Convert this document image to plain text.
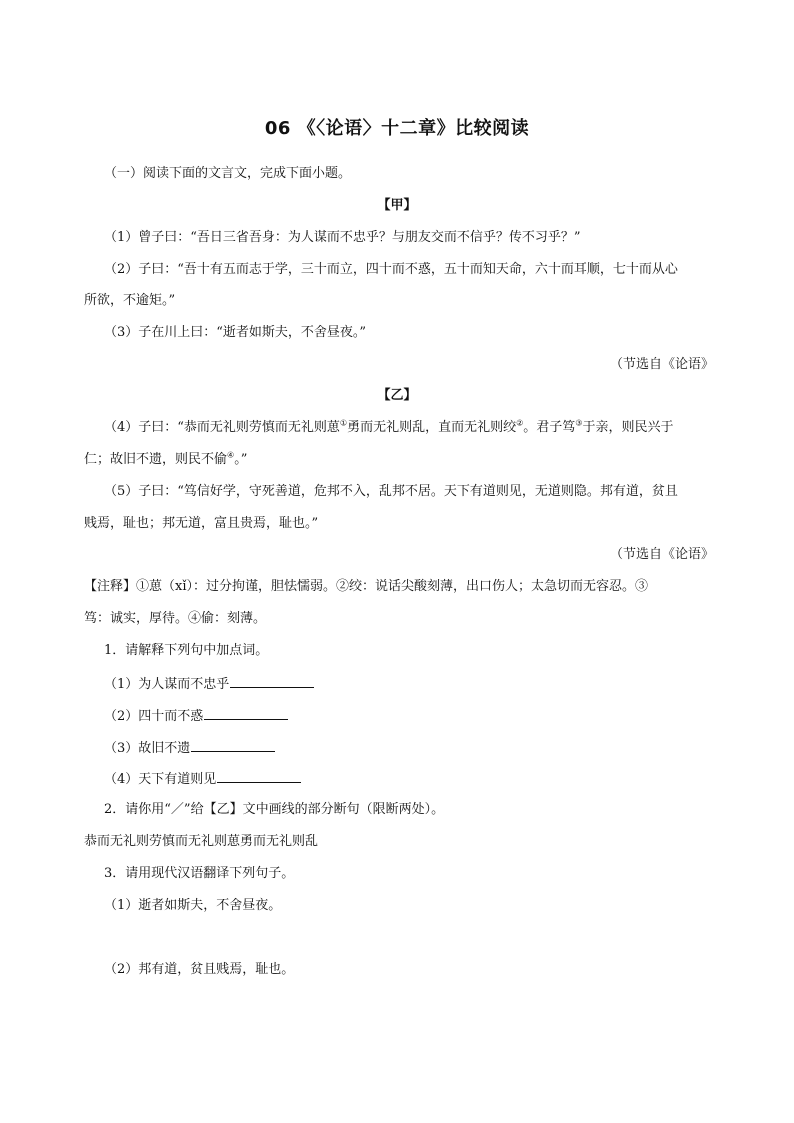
06 《〈论语〉十二章》比较阅读
（一）阅读下面的文言文，完成下面小题。
【甲】
（1）曾子曰：“吾日三省吾身：为人谋而不忠乎？与朋友交而不信乎？传不习乎？”
（2）子曰：“吾十有五而志于学，三十而立，四十而不惑，五十而知天命，六十而耳顺，七十而从心
所欲，不逾矩。”
（3）子在川上曰：“逝者如斯夫，不舍昼夜。”
（节选自《论语》
【乙】
（4）子曰：“恭而无礼则劳慎而无礼则葸①勇而无礼则乱，直而无礼则绞②。君子笃③于亲，则民兴于
仁；故旧不遗，则民不偷④。”
（5）子曰：“笃信好学，守死善道，危邦不入，乱邦不居。天下有道则见，无道则隐。邦有道，贫且
贱焉，耻也；邦无道，富且贵焉，耻也。”
（节选自《论语》
【注释】①葸（xǐ）：过分拘谨，胆怯懦弱。②绞：说话尖酸刻薄，出口伤人；太急切而无容忍。③
笃：诚实，厚待。④偷：刻薄。
1．请解释下列句中加点词。
（1）为人谋而不忠乎
（2）四十而不惑
（3）故旧不遗
（4）天下有道则见
2．请你用“／”给【乙】文中画线的部分断句（限断两处）。
恭而无礼则劳慎而无礼则葸勇而无礼则乱
3．请用现代汉语翻译下列句子。
（1）逝者如斯夫，不舍昼夜。
（2）邦有道，贫且贱焉，耻也。
